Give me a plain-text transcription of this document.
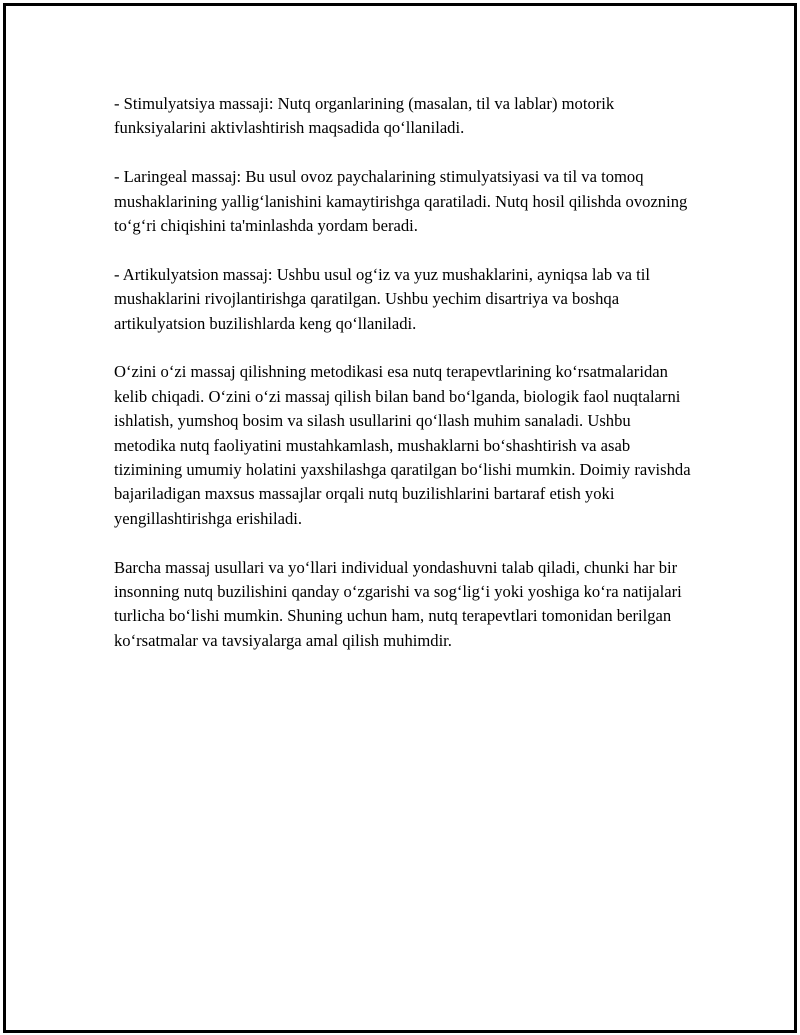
- Stimulyatsiya massaji: Nutq organlarining (masalan, til va lablar) motorik funksiyalarini aktivlashtirish maqsadida qo‘llaniladi.

- Laringeal massaj: Bu usul ovoz paychalarining stimulyatsiyasi va til va tomoq mushaklarining yallig‘lanishini kamaytirishga qaratiladi. Nutq hosil qilishda ovozning to‘g‘ri chiqishini ta'minlashda yordam beradi.

- Artikulyatsion massaj: Ushbu usul og‘iz va yuz mushaklarini, ayniqsa lab va til mushaklarini rivojlantirishga qaratilgan. Ushbu yechim disartriya va boshqa artikulyatsion buzilishlarda keng qo‘llaniladi.

O‘zini o‘zi massaj qilishning metodikasi esa nutq terapevtlarining ko‘rsatmalaridan kelib chiqadi. O‘zini o‘zi massaj qilish bilan band bo‘lganda, biologik faol nuqtalarni ishlatish, yumshoq bosim va silash usullarini qo‘llash muhim sanaladi. Ushbu metodika nutq faoliyatini mustahkamlash, mushaklarni bo‘shashtirish va asab tizimining umumiy holatini yaxshilashga qaratilgan bo‘lishi mumkin. Doimiy ravishda bajariladigan maxsus massajlar orqali nutq buzilishlarini bartaraf etish yoki yengillashtirishga erishiladi.

Barcha massaj usullari va yo‘llari individual yondashuvni talab qiladi, chunki har bir insonning nutq buzilishini qanday o‘zgarishi va sog‘lig‘i yoki yoshiga ko‘ra natijalari turlicha bo‘lishi mumkin. Shuning uchun ham, nutq terapevtlari tomonidan berilgan ko‘rsatmalar va tavsiyalarga amal qilish muhimdir.
